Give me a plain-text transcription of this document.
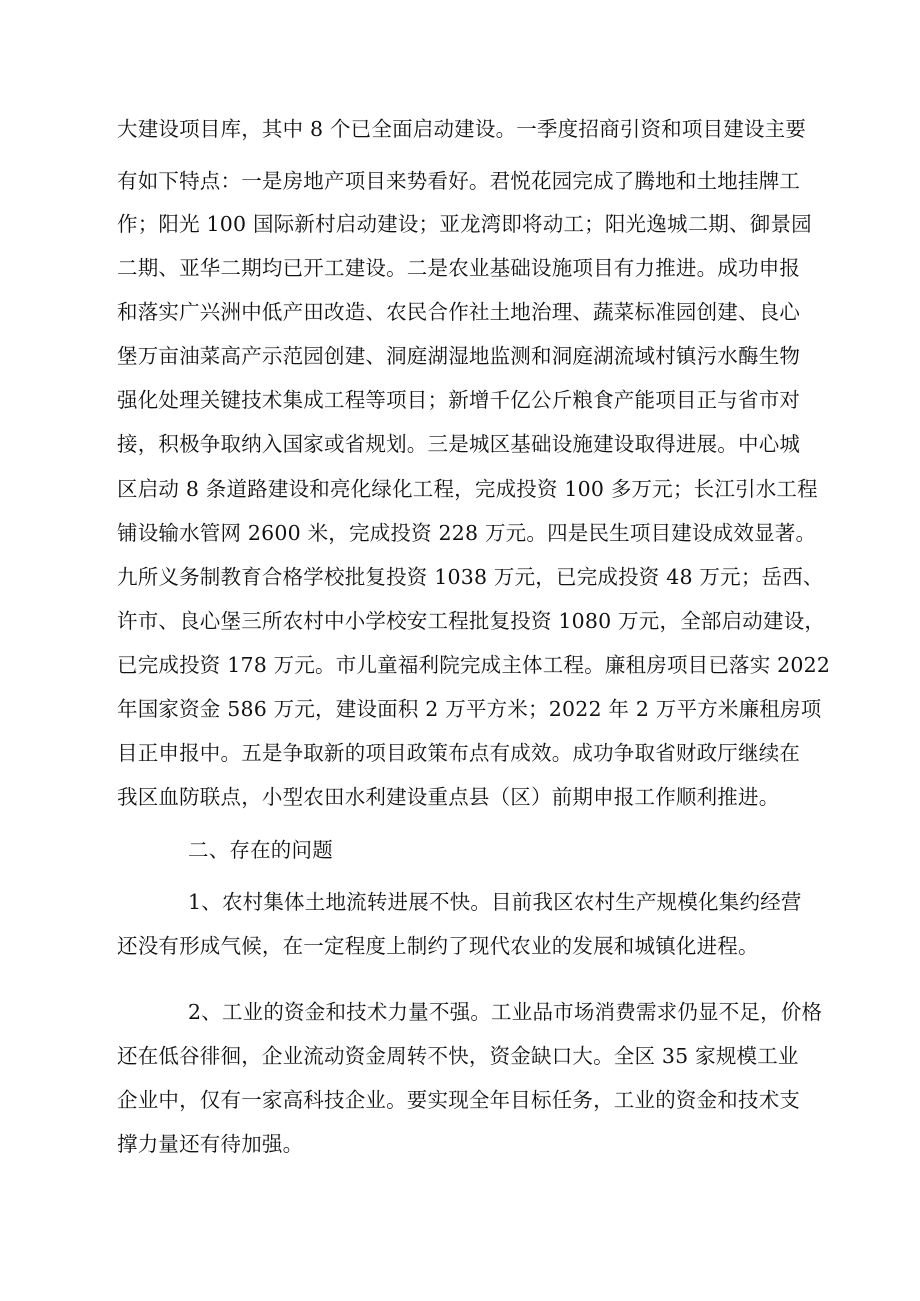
大建设项目库，其中 8 个已全面启动建设。一季度招商引资和项目建设主要
有如下特点：一是房地产项目来势看好。君悦花园完成了腾地和土地挂牌工
作；阳光 100 国际新村启动建设；亚龙湾即将动工；阳光逸城二期、御景园
二期、亚华二期均已开工建设。二是农业基础设施项目有力推进。成功申报
和落实广兴洲中低产田改造、农民合作社土地治理、蔬菜标准园创建、良心
堡万亩油菜高产示范园创建、洞庭湖湿地监测和洞庭湖流域村镇污水酶生物
强化处理关键技术集成工程等项目；新增千亿公斤粮食产能项目正与省市对
接，积极争取纳入国家或省规划。三是城区基础设施建设取得进展。中心城
区启动 8 条道路建设和亮化绿化工程，完成投资 100 多万元；长江引水工程
铺设输水管网 2600 米，完成投资 228 万元。四是民生项目建设成效显著。
九所义务制教育合格学校批复投资 1038 万元，已完成投资 48 万元；岳西、
许市、良心堡三所农村中小学校安工程批复投资 1080 万元，全部启动建设，
已完成投资 178 万元。市儿童福利院完成主体工程。廉租房项目已落实 2022
年国家资金 586 万元，建设面积 2 万平方米；2022 年 2 万平方米廉租房项
目正申报中。五是争取新的项目政策布点有成效。成功争取省财政厅继续在
我区血防联点，小型农田水利建设重点县（区）前期申报工作顺利推进。
二、存在的问题
1、农村集体土地流转进展不快。目前我区农村生产规模化集约经营
还没有形成气候，在一定程度上制约了现代农业的发展和城镇化进程。
2、工业的资金和技术力量不强。工业品市场消费需求仍显不足，价格
还在低谷徘徊，企业流动资金周转不快，资金缺口大。全区 35 家规模工业
企业中，仅有一家高科技企业。要实现全年目标任务，工业的资金和技术支
撑力量还有待加强。
